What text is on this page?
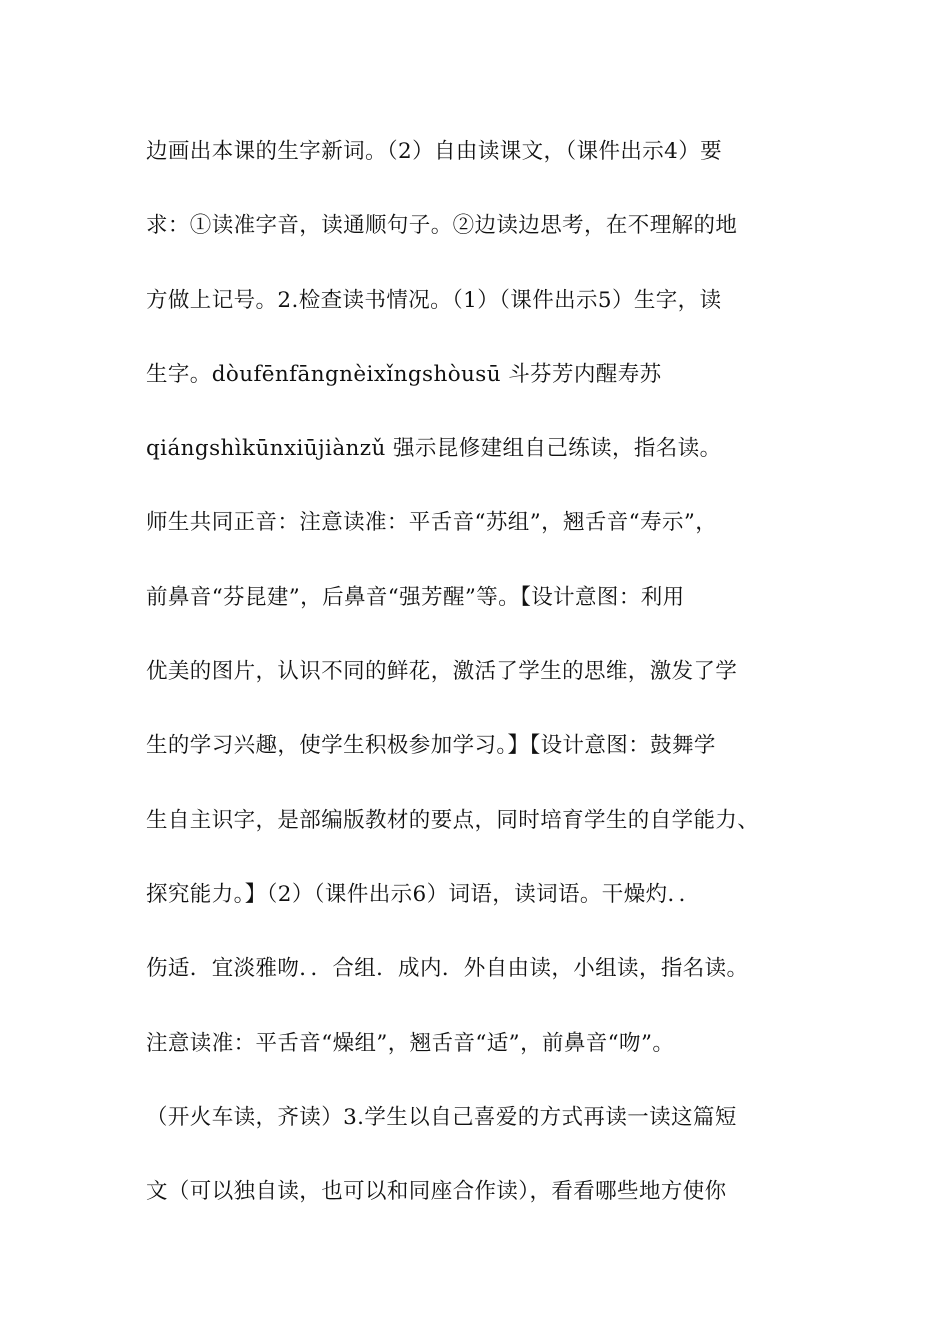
边画出本课的生字新词。（2）自由读课文，（课件出示4）要
求：①读准字音，读通顺句子。②边读边思考，在不理解的地
方做上记号。2.检查读书情况。（1）（课件出示5）生字，读
生字。dòufēnfāngnèixǐngshòusū 斗芬芳内醒寿苏
qiángshìkūnxiūjiànzǔ 强示昆修建组自己练读，指名读。
师生共同正音：注意读准：平舌音“苏组”，翘舌音“寿示”，
前鼻音“芬昆建”，后鼻音“强芳醒”等。【设计意图：利用
优美的图片，认识不同的鲜花，激活了学生的思维，激发了学
生的学习兴趣，使学生积极参加学习。】【设计意图：鼓舞学
生自主识字，是部编版教材的要点，同时培育学生的自学能力、
探究能力。】（2）（课件出示6）词语，读词语。干燥灼．．
伤适．宜淡雅吻．．合组．成内．外自由读，小组读，指名读。
注意读准：平舌音“燥组”，翘舌音“适”，前鼻音“吻”。
（开火车读，齐读）3.学生以自己喜爱的方式再读一读这篇短
文（可以独自读，也可以和同座合作读），看看哪些地方使你
